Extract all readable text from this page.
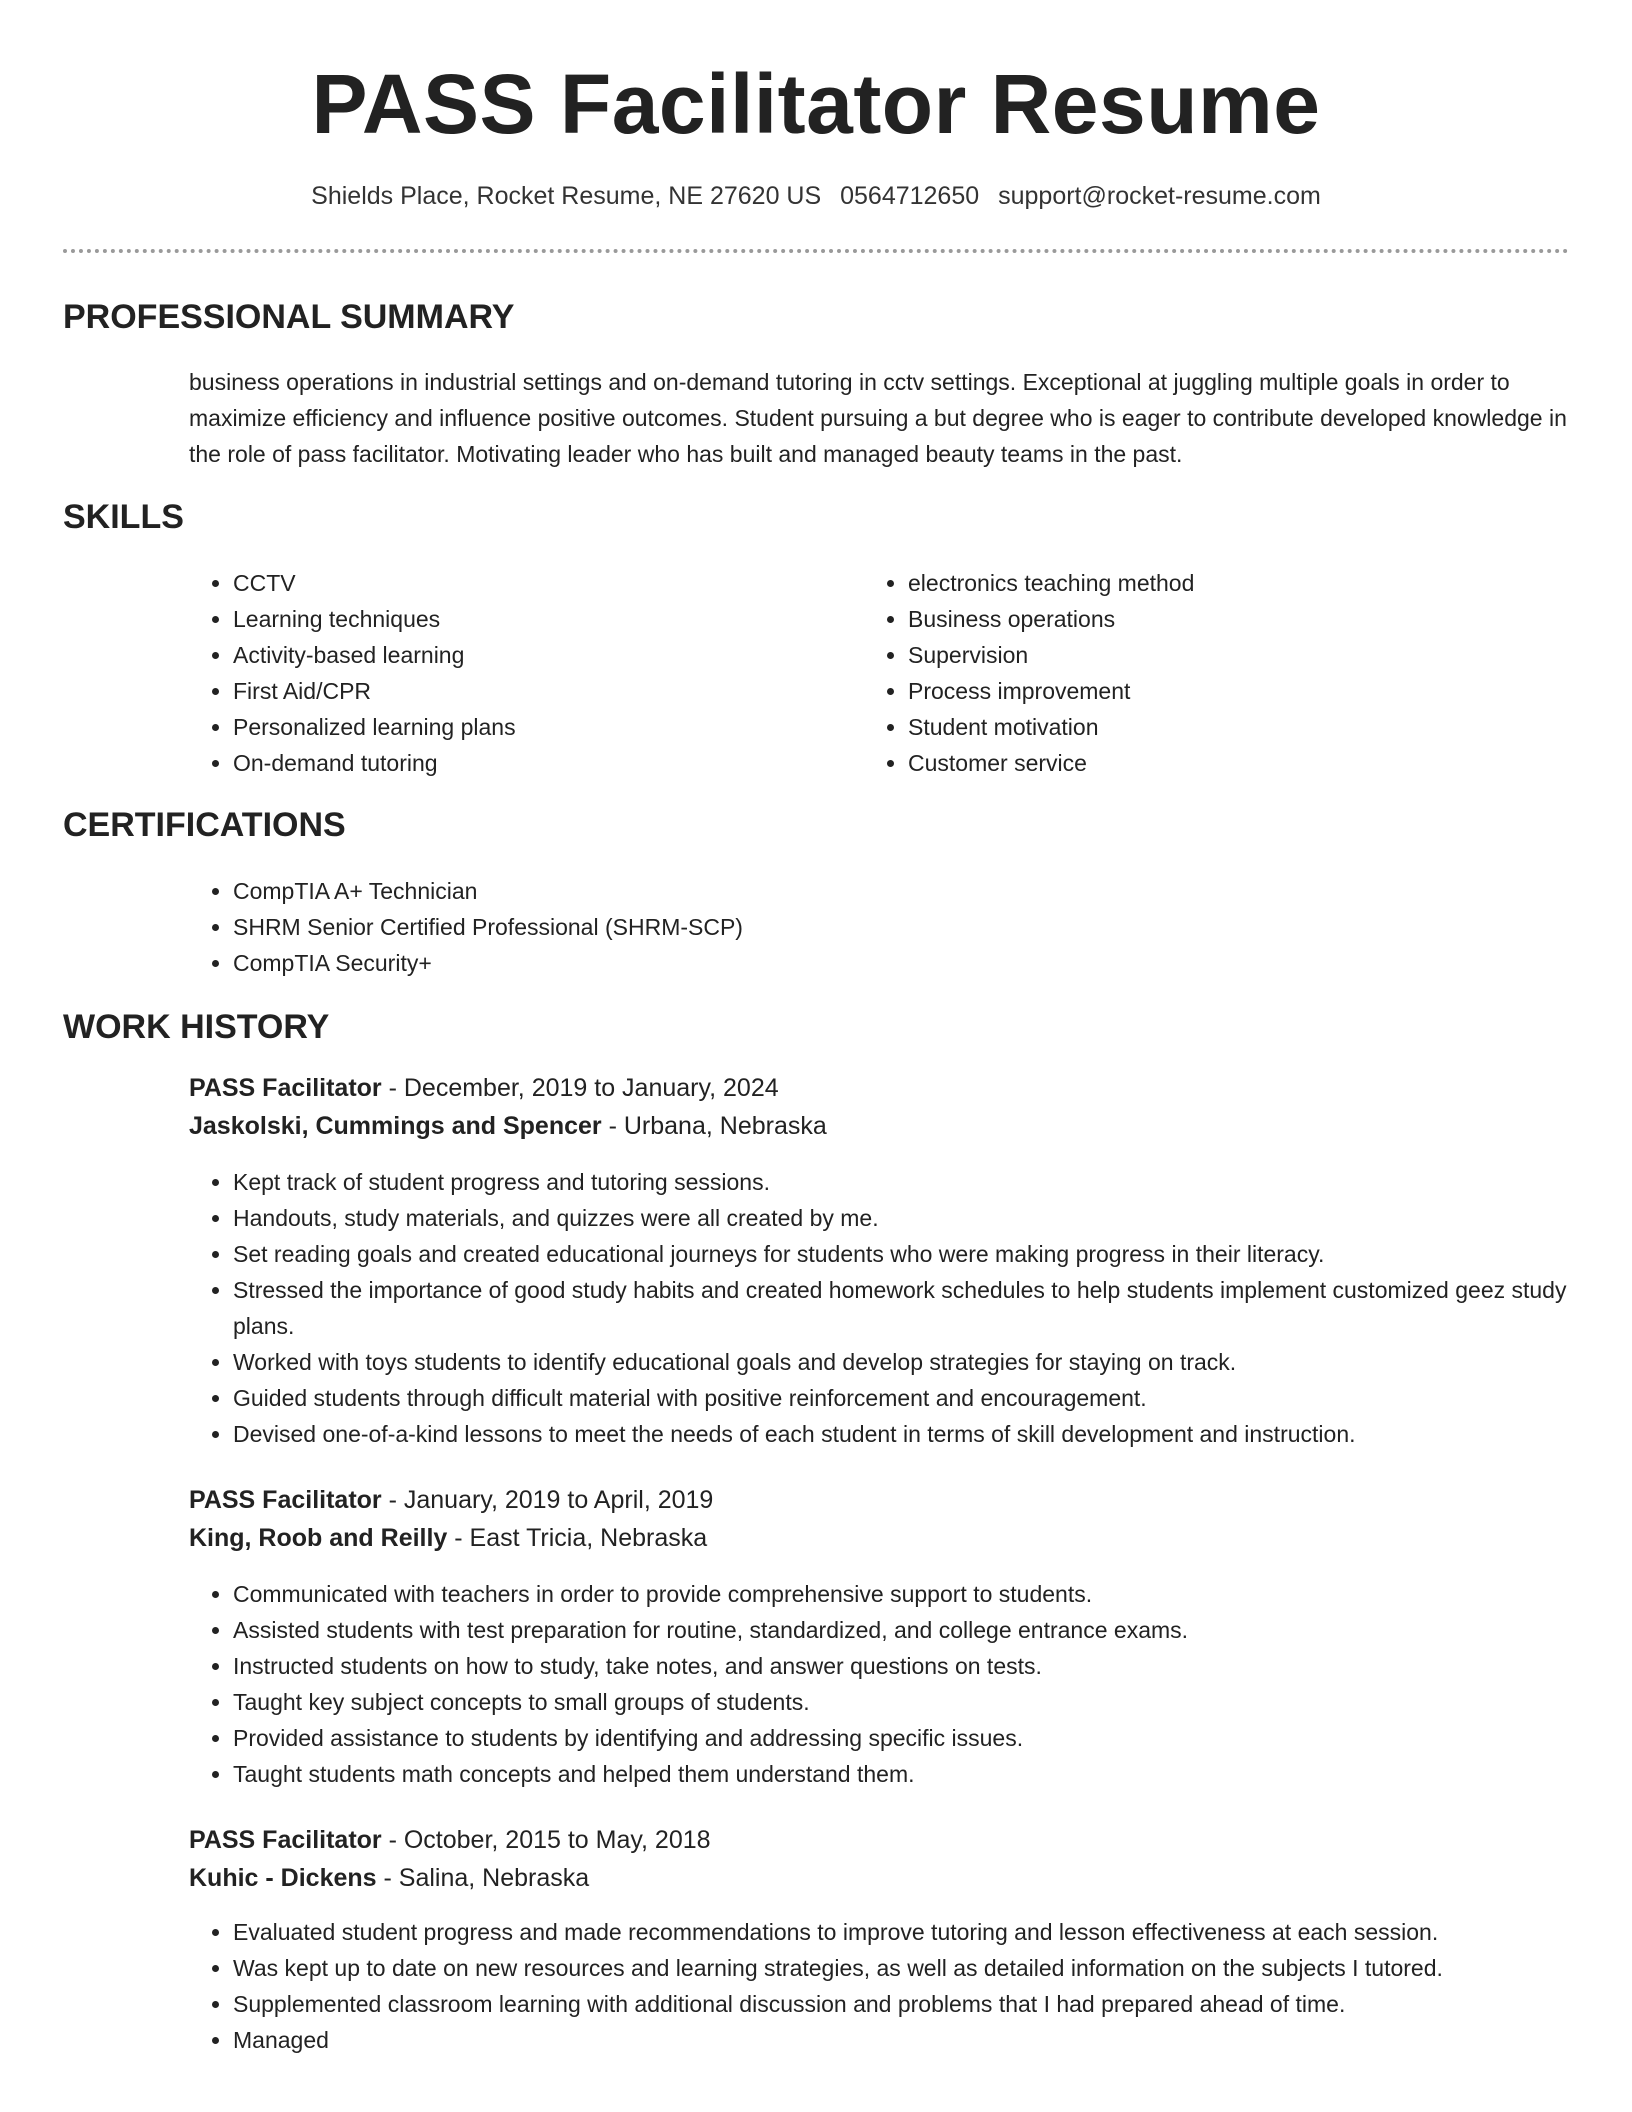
PASS Facilitator Resume
Shields Place, Rocket Resume, NE 27620 US 0564712650 support@rocket-resume.com
PROFESSIONAL SUMMARY

business operations in industrial settings and on-demand tutoring in cctv settings. Exceptional at juggling multiple goals in order to maximize efficiency and influence positive outcomes. Student pursuing a but degree who is eager to contribute developed knowledge in the role of pass facilitator. Motivating leader who has built and managed beauty teams in the past.

SKILLS
• CCTV
• Learning techniques
• Activity-based learning
• First Aid/CPR
• Personalized learning plans
• On-demand tutoring
• electronics teaching method
• Business operations
• Supervision
• Process improvement
• Student motivation
• Customer service
CERTIFICATIONS
• CompTIA A+ Technician
• SHRM Senior Certified Professional (SHRM-SCP)
• CompTIA Security+
WORK HISTORY
PASS Facilitator - December, 2019 to January, 2024
Jaskolski, Cummings and Spencer - Urbana, Nebraska
• Kept track of student progress and tutoring sessions.
• Handouts, study materials, and quizzes were all created by me.
• Set reading goals and created educational journeys for students who were making progress in their literacy.
• Stressed the importance of good study habits and created homework schedules to help students implement customized geez study plans.
• Worked with toys students to identify educational goals and develop strategies for staying on track.
• Guided students through difficult material with positive reinforcement and encouragement.
• Devised one-of-a-kind lessons to meet the needs of each student in terms of skill development and instruction.
PASS Facilitator - January, 2019 to April, 2019
King, Roob and Reilly - East Tricia, Nebraska
• Communicated with teachers in order to provide comprehensive support to students.
• Assisted students with test preparation for routine, standardized, and college entrance exams.
• Instructed students on how to study, take notes, and answer questions on tests.
• Taught key subject concepts to small groups of students.
• Provided assistance to students by identifying and addressing specific issues.
• Taught students math concepts and helped them understand them.
PASS Facilitator - October, 2015 to May, 2018
Kuhic - Dickens - Salina, Nebraska
• Evaluated student progress and made recommendations to improve tutoring and lesson effectiveness at each session.
• Was kept up to date on new resources and learning strategies, as well as detailed information on the subjects I tutored.
• Supplemented classroom learning with additional discussion and problems that I had prepared ahead of time.
• Managed
